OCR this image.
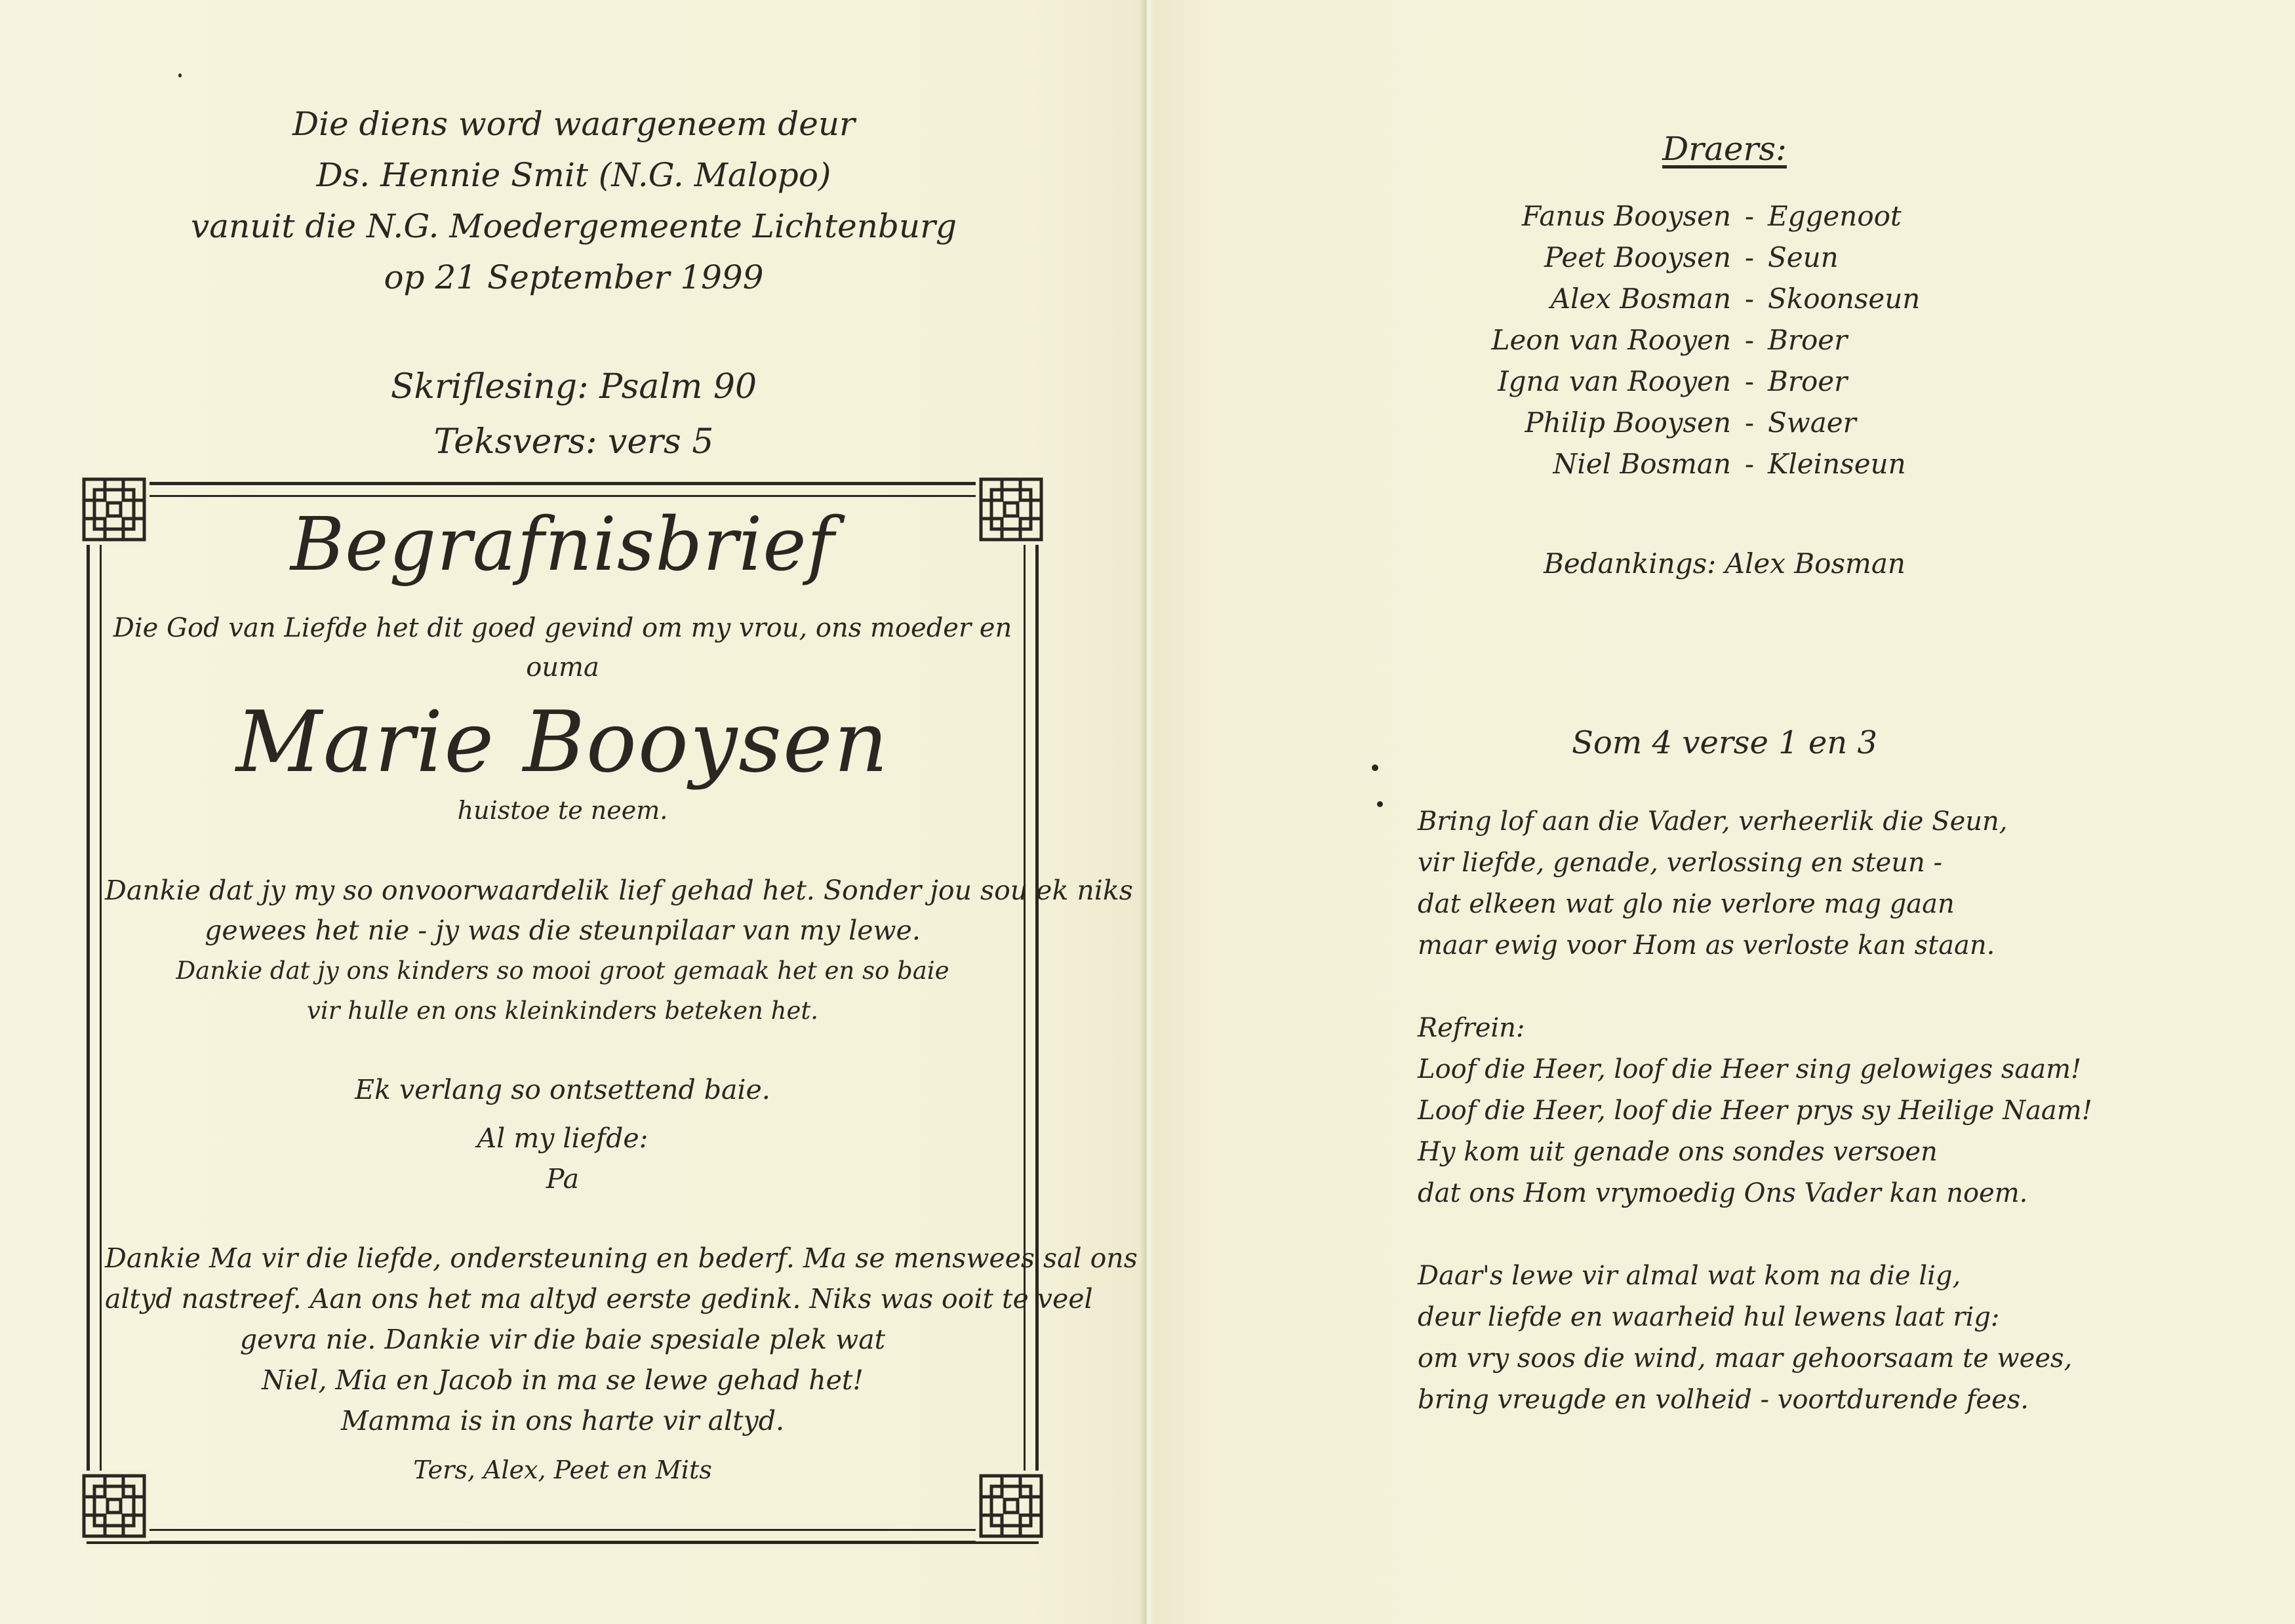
Die diens word waargeneem deur
Ds. Hennie Smit (N.G. Malopo)
vanuit die N.G. Moedergemeente Lichtenburg
op 21 September 1999
Skriflesing: Psalm 90
Teksvers: vers 5
Begrafnisbrief
Die God van Liefde het dit goed gevind om my vrou, ons moeder en ouma
Marie Booysen
huistoe te neem.
Dankie dat jy my so onvoorwaardelik lief gehad het. Sonder jou sou ek niks
gewees het nie - jy was die steunpilaar van my lewe.
Dankie dat jy ons kinders so mooi groot gemaak het en so baie
vir hulle en ons kleinkinders beteken het.
Ek verlang so ontsettend baie.
Al my liefde:
Pa
Dankie Ma vir die liefde, ondersteuning en bederf. Ma se menswees sal ons
altyd nastreef. Aan ons het ma altyd eerste gedink. Niks was ooit te veel
gevra nie. Dankie vir die baie spesiale plek wat
Niel, Mia en Jacob in ma se lewe gehad het!
Mamma is in ons harte vir altyd.
Ters, Alex, Peet en Mits
Draers:
Fanus Booysen - Eggenoot
Peet Booysen - Seun
Alex Bosman - Skoonseun
Leon van Rooyen - Broer
Igna van Rooyen - Broer
Philip Booysen - Swaer
Niel Bosman - Kleinseun
Bedankings: Alex Bosman
Som 4 verse 1 en 3
Bring lof aan die Vader, verheerlik die Seun,
vir liefde, genade, verlossing en steun -
dat elkeen wat glo nie verlore mag gaan
maar ewig voor Hom as verloste kan staan.
Refrein:
Loof die Heer, loof die Heer sing gelowiges saam!
Loof die Heer, loof die Heer prys sy Heilige Naam!
Hy kom uit genade ons sondes versoen
dat ons Hom vrymoedig Ons Vader kan noem.
Daar's lewe vir almal wat kom na die lig,
deur liefde en waarheid hul lewens laat rig:
om vry soos die wind, maar gehoorsaam te wees,
bring vreugde en volheid - voortdurende fees.
